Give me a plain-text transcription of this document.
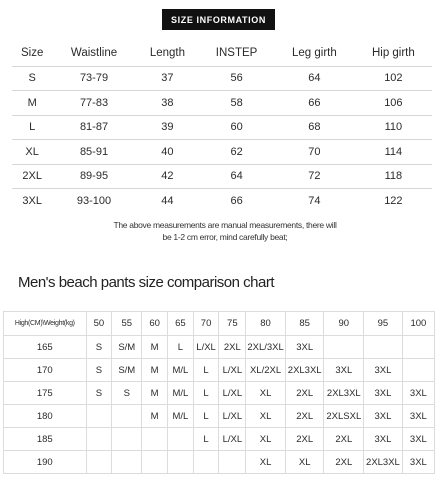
SIZE INFORMATION
Size	Waistline	Length	INSTEP	Leg girth	Hip girth
S	73-79	37	56	64	102
M	77-83	38	58	66	106
L	81-87	39	60	68	110
XL	85-91	40	62	70	114
2XL	89-95	42	64	72	118
3XL	93-100	44	66	74	122
The above measurements are manual measurements, there will
be 1-2 cm error, mind carefully beat;
Men's beach pants size comparison chart
High(CM)\Weight(kg)	50	55	60	65	70	75	80	85	90	95	100
165	S	S/M	M	L	L/XL	2XL	2XL/3XL	3XL			
170	S	S/M	M	M/L	L	L/XL	XL/2XL	2XL3XL	3XL	3XL	
175	S	S	M	M/L	L	L/XL	XL	2XL	2XL3XL	3XL	3XL
180			M	M/L	L	L/XL	XL	2XL	2XLSXL	3XL	3XL
185					L	L/XL	XL	2XL	2XL	3XL	3XL
190							XL	XL	2XL	2XL3XL	3XL
